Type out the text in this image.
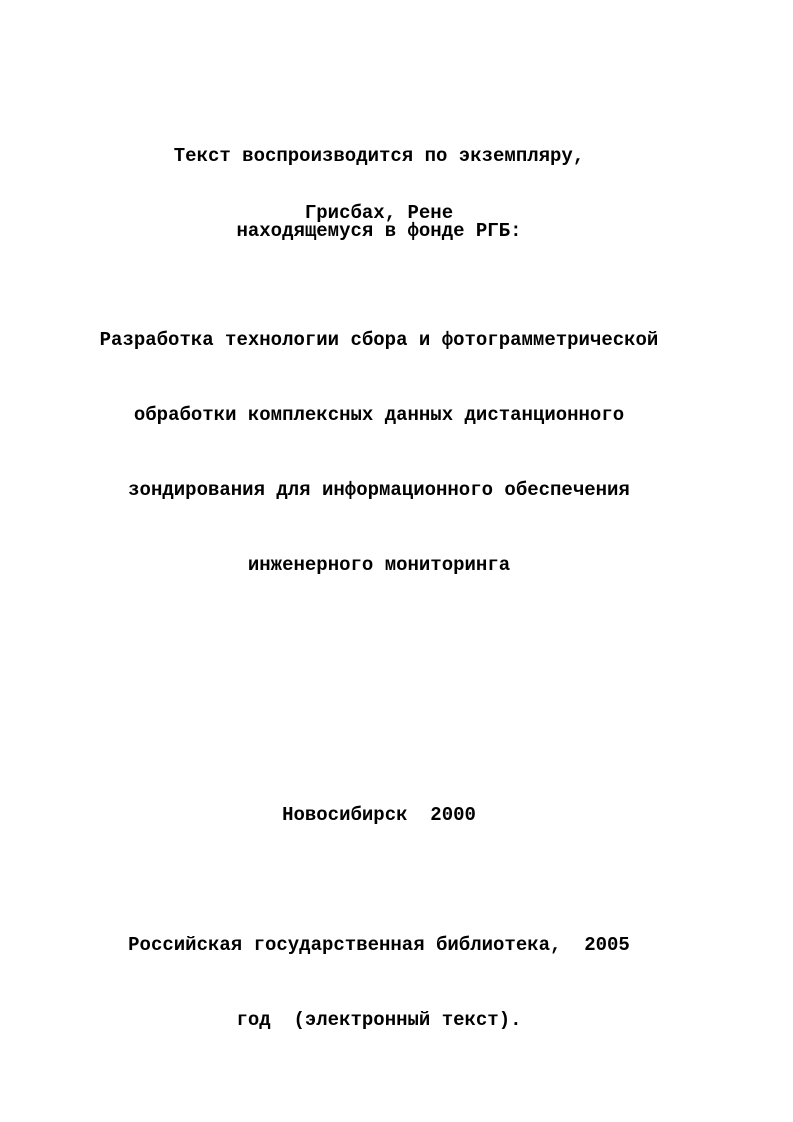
Текст воспроизводится по экземпляру,

находящемуся в фонде РГБ:

Грисбах, Рене

Разработка технологии сбора и фотограмметрической

обработки комплексных данных дистанционного

зондирования для информационного обеспечения

инженерного мониторинга

Новосибирск  2000

Российская государственная библиотека,  2005

год  (электронный текст).
